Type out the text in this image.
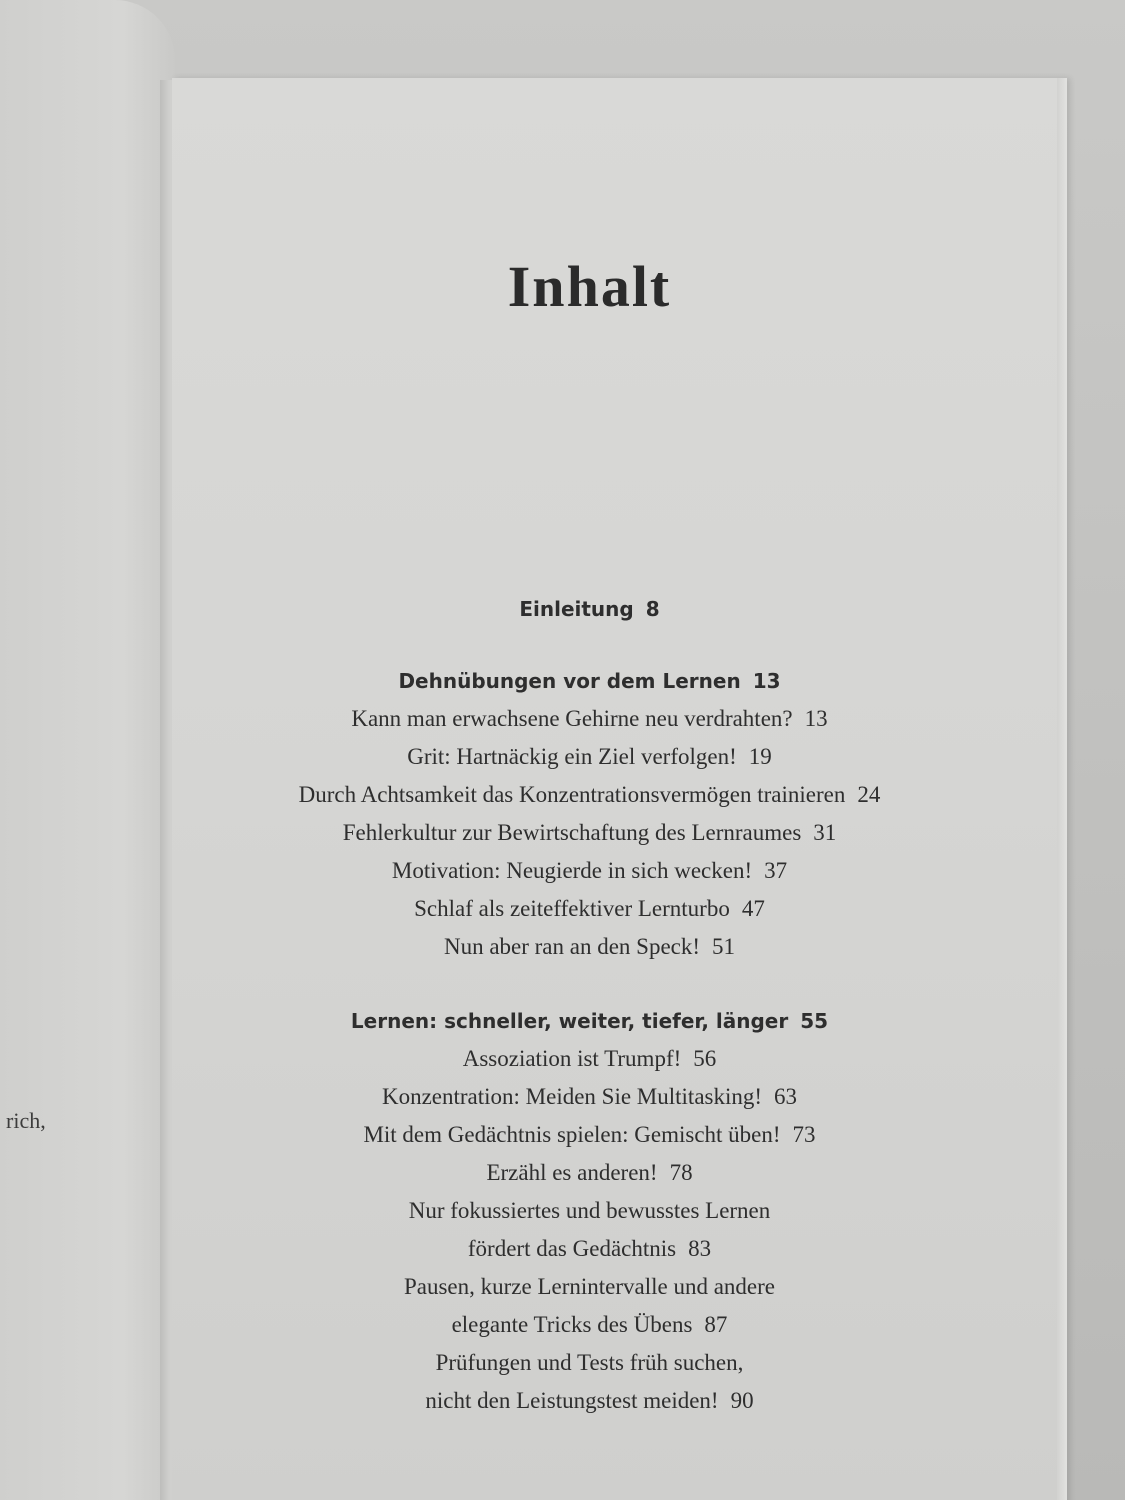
rich,
Inhalt
Einleitung 8
Dehnübungen vor dem Lernen 13
Kann man erwachsene Gehirne neu verdrahten? 13
Grit: Hartnäckig ein Ziel verfolgen! 19
Durch Achtsamkeit das Konzentrationsvermögen trainieren 24
Fehlerkultur zur Bewirtschaftung des Lernraumes 31
Motivation: Neugierde in sich wecken! 37
Schlaf als zeiteffektiver Lernturbo 47
Nun aber ran an den Speck! 51
Lernen: schneller, weiter, tiefer, länger 55
Assoziation ist Trumpf! 56
Konzentration: Meiden Sie Multitasking! 63
Mit dem Gedächtnis spielen: Gemischt üben! 73
Erzähl es anderen! 78
Nur fokussiertes und bewusstes Lernen
fördert das Gedächtnis 83
Pausen, kurze Lernintervalle und andere
elegante Tricks des Übens 87
Prüfungen und Tests früh suchen,
nicht den Leistungstest meiden! 90
